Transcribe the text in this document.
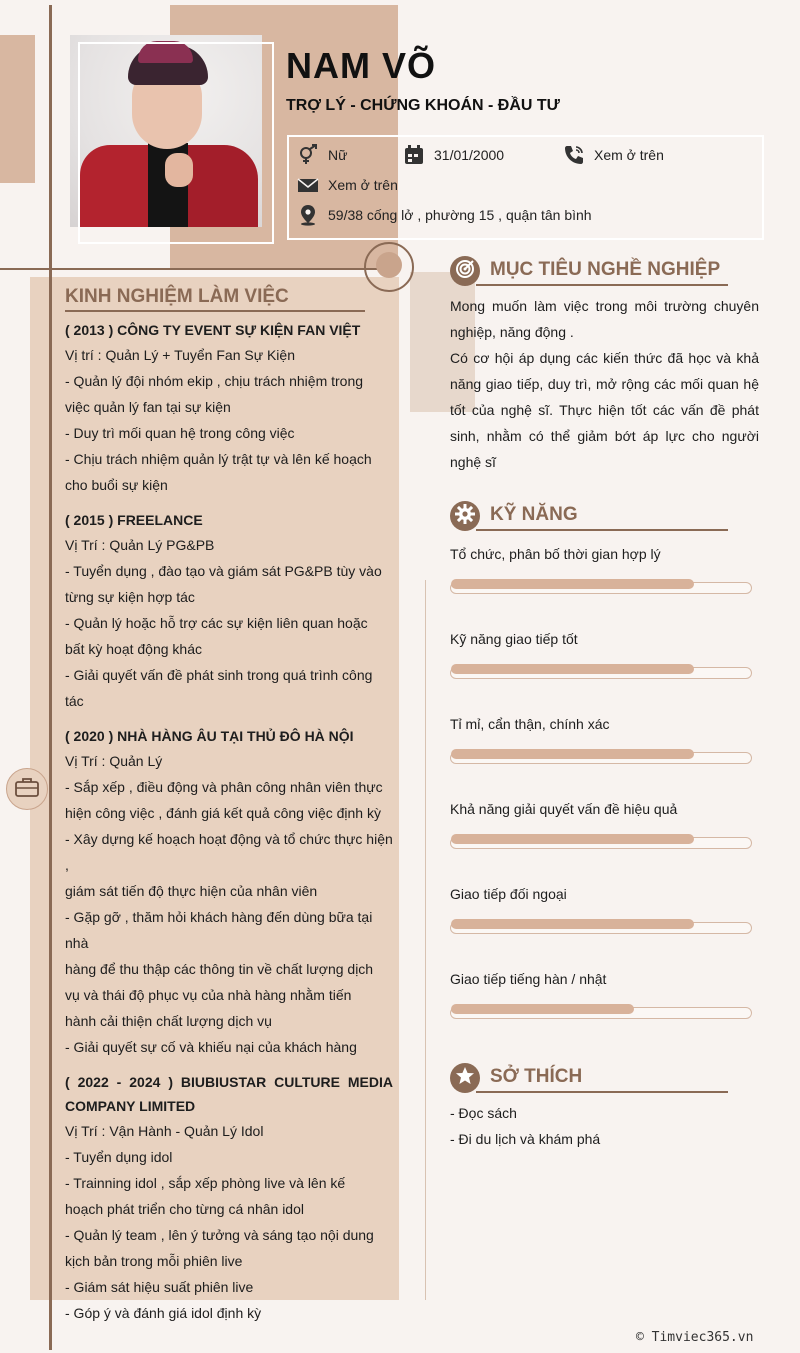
NAM VÕ
TRỢ LÝ - CHỨNG KHOÁN - ĐẦU TƯ
Nữ	31/01/2000	Xem ở trên
Xem ở trên
59/38 cống lở , phường 15 , quận tân bình
KINH NGHIỆM LÀM VIỆC
( 2013 ) CÔNG TY EVENT SỰ KIỆN FAN VIỆT
Vị trí : Quản Lý + Tuyển Fan Sự Kiện
- Quản lý đội nhóm ekip , chịu trách nhiệm trong
việc quản lý fan tại sự kiện
- Duy trì mối quan hệ trong công việc
- Chịu trách nhiệm quản lý trật tự và lên kế hoạch
cho buổi sự kiện
( 2015 ) FREELANCE
Vị Trí : Quản Lý PG&PB
- Tuyển dụng , đào tạo và giám sát PG&PB tùy vào
từng sự kiện hợp tác
- Quản lý hoặc hỗ trợ các sự kiện liên quan hoặc
bất kỳ hoạt động khác
- Giải quyết vấn đề phát sinh trong quá trình công
tác
( 2020 ) NHÀ HÀNG ÂU TẠI THỦ ĐÔ HÀ NỘI
Vị Trí : Quản Lý
- Sắp xếp , điều động và phân công nhân viên thực
hiện công việc , đánh giá kết quả công việc định kỳ
- Xây dựng kế hoạch hoạt động và tổ chức thực hiện ,
giám sát tiến độ thực hiện của nhân viên
- Gặp gỡ , thăm hỏi khách hàng đến dùng bữa tại nhà
hàng để thu thập các thông tin về chất lượng dịch
vụ và thái độ phục vụ của nhà hàng nhằm tiến
hành cải thiện chất lượng dịch vụ
- Giải quyết sự cố và khiếu nại của khách hàng
( 2022 - 2024 ) BIUBIUSTAR CULTURE MEDIA COMPANY LIMITED
Vị Trí : Vận Hành - Quản Lý Idol
- Tuyển dụng idol
- Trainning idol , sắp xếp phòng live và lên kế
hoạch phát triển cho từng cá nhân idol
- Quản lý team , lên ý tưởng và sáng tạo nội dung
kịch bản trong mỗi phiên live
- Giám sát hiệu suất phiên live
- Góp ý và đánh giá idol định kỳ
MỤC TIÊU NGHỀ NGHIỆP
Mong muốn làm việc trong môi trường chuyên nghiệp, năng động .
Có cơ hội áp dụng các kiến thức đã học và khả năng giao tiếp, duy trì, mở rộng các mối quan hệ tốt của nghệ sĩ. Thực hiện tốt các vấn đề phát sinh, nhằm có thể giảm bớt áp lực cho người nghệ sĩ
KỸ NĂNG
Tổ chức, phân bố thời gian hợp lý
Kỹ năng giao tiếp tốt
Tỉ mỉ, cẩn thận, chính xác
Khả năng giải quyết vấn đề hiệu quả
Giao tiếp đối ngoại
Giao tiếp tiếng hàn / nhật
SỞ THÍCH
- Đọc sách
- Đi du lịch và khám phá
© Timviec365.vn
